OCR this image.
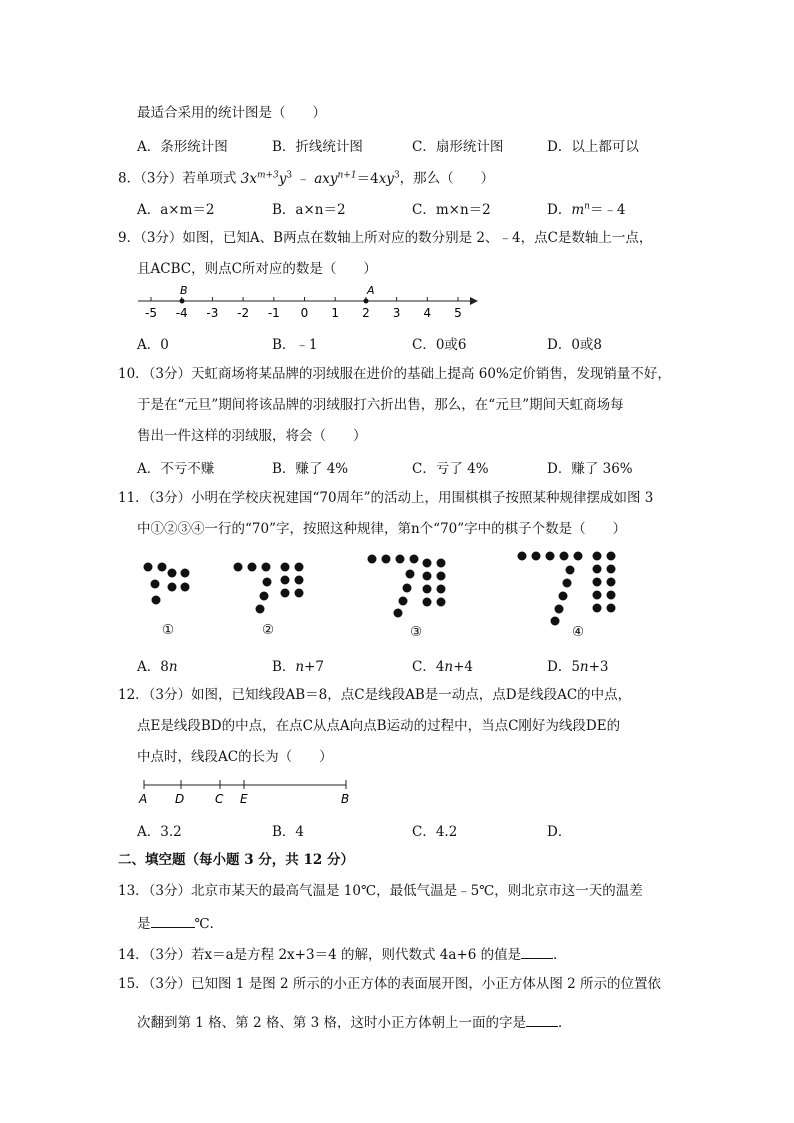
最适合采用的统计图是（　　）
A．条形统计图	B．折线统计图	C．扇形统计图	D．以上都可以
8．（3分）若单项式 $3x^{m+3}y^3$ ﹣ $axy^{n+1}=4xy^3$，那么（　　）
A．a×m＝2	B．a×n＝2	C．m×n＝2	D．$m^n=﹣4$
9．（3分）如图，已知A、B两点在数轴上所对应的数分别是 2、﹣4，点C是数轴上一点，
且ACBC，则点C所对应的数是（　　）
-5 -4 -3 -2 -1 0 1 2 3 4 5
B	A
A．0	B．﹣1	C．0或6	D．0或8
10．（3分）天虹商场将某品牌的羽绒服在进价的基础上提高 60%定价销售，发现销量不好，
于是在“元旦”期间将该品牌的羽绒服打六折出售，那么，在“元旦”期间天虹商场每
售出一件这样的羽绒服，将会（　　）
A．不亏不赚	B．赚了 4%	C．亏了 4%	D．赚了 36%
11．（3分）小明在学校庆祝建国“70周年”的活动上，用围棋棋子按照某种规律摆成如图 3
中①②③④一行的“70”字，按照这种规律，第n个“70”字中的棋子个数是（　　）
①	②	③	④
A．8n	B．n+7	C．4n+4	D．5n+3
12．（3分）如图，已知线段AB＝8，点C是线段AB是一动点，点D是线段AC的中点，
点E是线段BD的中点，在点C从点A向点B运动的过程中，当点C刚好为线段DE的
中点时，线段AC的长为（　　）
A D	C E	B
A．3.2	B．4	C．4.2	D．
二、填空题（每小题 3 分，共 12 分）
13．（3分）北京市某天的最高气温是 10℃，最低气温是﹣5℃，则北京市这一天的温差
是	℃．
14．（3分）若x＝a是方程 2x+3＝4 的解，则代数式 4a+6 的值是 ．
15．（3分）已知图 1 是图 2 所示的小正方体的表面展开图，小正方体从图 2 所示的位置依
次翻到第 1 格、第 2 格、第 3 格，这时小正方体朝上一面的字是 ．
